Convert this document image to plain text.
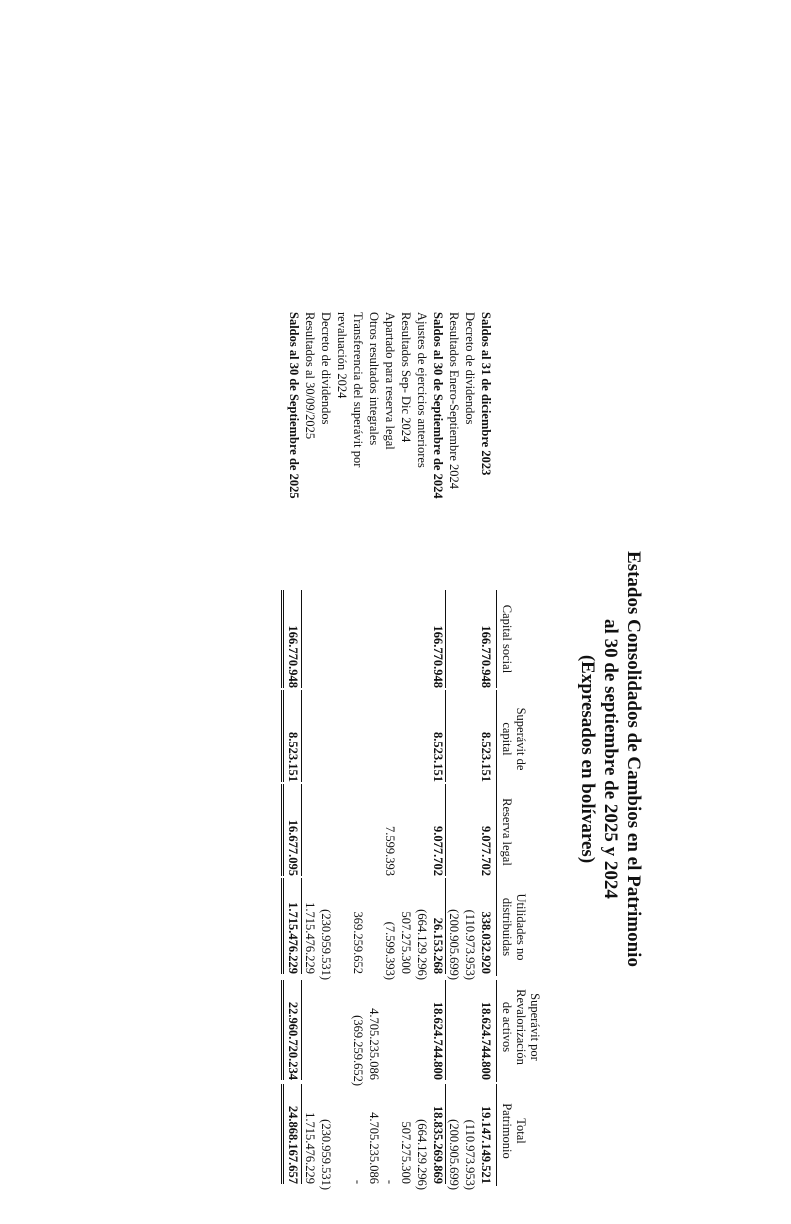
Estados Consolidados de Cambios en el Patrimonio
al 30 de septiembre de 2025 y 2024
(Expresados en bolívares)
Capital social
Superávit de
capital
Reserva legal
Utilidades no
distribuidas
Superávit por
Revalorización
de activos
Total
Patrimonio
Saldos al 31 de diciembre 2023
Decreto de dividendos
Resultados Enero-Septiembre 2024
Saldos al 30 de Septiembre de 2024
Ajustes de ejercicios anteriores
Resultados Sep- Dic 2024
Apartado para reserva legal
Otros resultados integrales
Transferencia del superávit por
revaluación 2024
Decreto de dividendos
Resultados al 30/09/2025
Saldos al 30 de Septiembre de 2025
166.770.948
8.523.151
9.077.702
338.032.920
18.624.744.800
19.147.149.521
(110.973.953)
(110.973.953)
(200.905.699)
(200.905.699)
166.770.948
8.523.151
9.077.702
26.153.268
18.624.744.800
18.835.269.869
(664.129.296)
(664.129.296)
507.275.300
507.275.300
7.599.393
(7.599.393)
-
4.705.235.086
4.705.235.086
369.259.652
(369.259.652)
-
(230.959.531)
(230.959.531)
1.715.476.229
1.715.476.229
166.770.948
8.523.151
16.677.095
1.715.476.229
22.960.720.234
24.868.167.657
